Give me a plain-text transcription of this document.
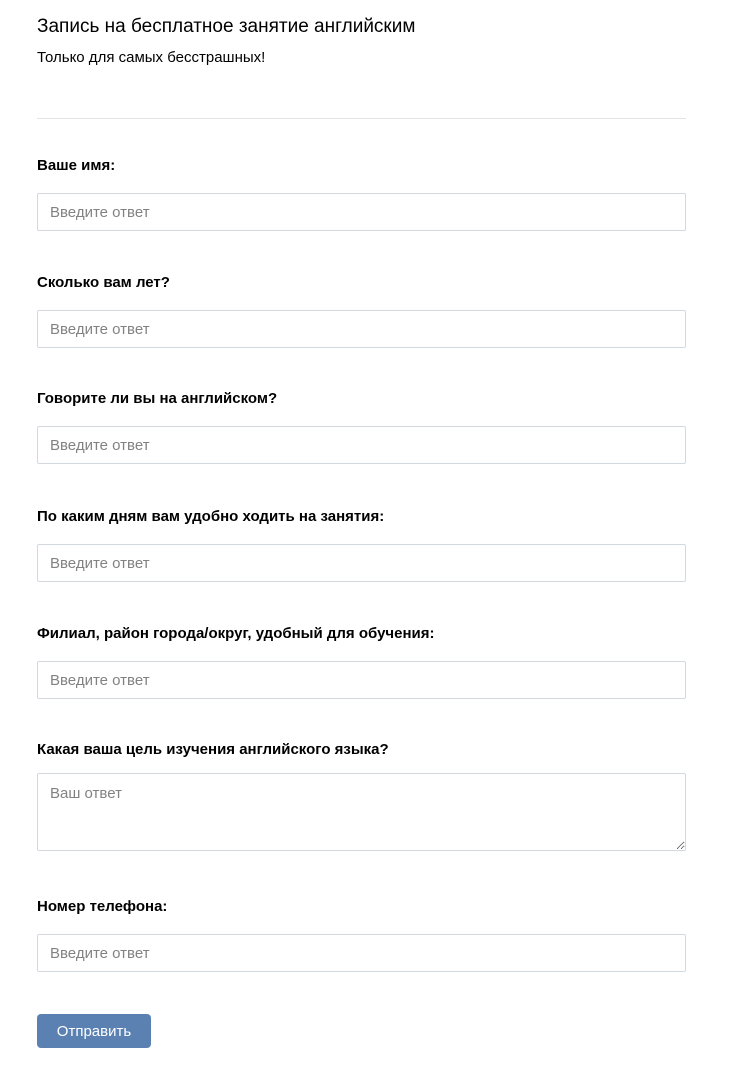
Запись на бесплатное занятие английским

Только для самых бесстрашных!

Ваше имя:
Введите ответ
Сколько вам лет?
Введите ответ
Говорите ли вы на английском?
Введите ответ
По каким дням вам удобно ходить на занятия:
Введите ответ
Филиал, район города/округ, удобный для обучения:
Введите ответ
Какая ваша цель изучения английского языка?
Ваш ответ
Номер телефона:
Введите ответ
Отправить
